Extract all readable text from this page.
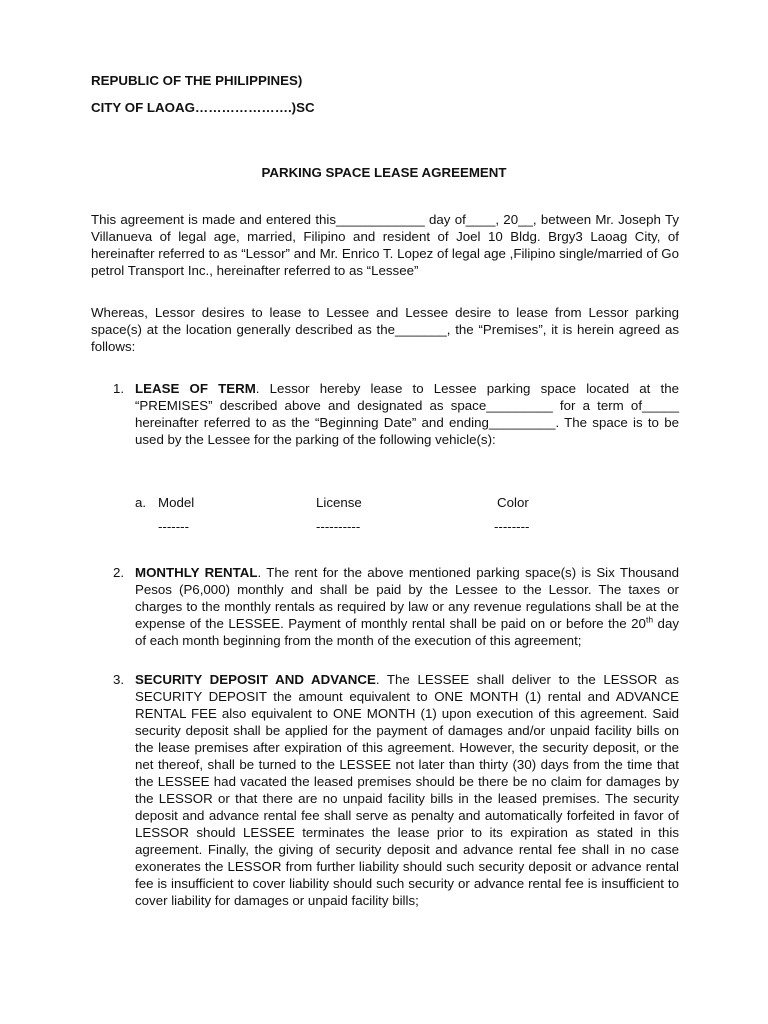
REPUBLIC OF THE PHILIPPINES)
CITY OF LAOAG………………….)SC
PARKING SPACE LEASE AGREEMENT
This agreement is made and entered this____________ day of____, 20__, between Mr. Joseph Ty Villanueva of legal age, married, Filipino and resident of Joel 10 Bldg. Brgy3 Laoag City, of hereinafter referred to as “Lessor” and Mr. Enrico T. Lopez of legal age ,Filipino single/married of Go petrol Transport Inc., hereinafter referred to as “Lessee”
Whereas, Lessor desires to lease to Lessee and Lessee desire to lease from Lessor parking space(s) at the location generally described as the_______, the “Premises”, it is herein agreed as follows:
1. LEASE OF TERM. Lessor hereby lease to Lessee parking space located at the “PREMISES” described above and designated as space_________ for a term of_____ hereinafter referred to as the “Beginning Date” and ending_________. The space is to be used by the Lessee for the parking of the following vehicle(s):
a. Model	License	Color
-------	----------	--------
2. MONTHLY RENTAL. The rent for the above mentioned parking space(s) is Six Thousand Pesos (P6,000) monthly and shall be paid by the Lessee to the Lessor. The taxes or charges to the monthly rentals as required by law or any revenue regulations shall be at the expense of the LESSEE. Payment of monthly rental shall be paid on or before the 20th day of each month beginning from the month of the execution of this agreement;
3. SECURITY DEPOSIT AND ADVANCE. The LESSEE shall deliver to the LESSOR as SECURITY DEPOSIT the amount equivalent to ONE MONTH (1) rental and ADVANCE RENTAL FEE also equivalent to ONE MONTH (1) upon execution of this agreement. Said security deposit shall be applied for the payment of damages and/or unpaid facility bills on the lease premises after expiration of this agreement. However, the security deposit, or the net thereof, shall be turned to the LESSEE not later than thirty (30) days from the time that the LESSEE had vacated the leased premises should be there be no claim for damages by the LESSOR or that there are no unpaid facility bills in the leased premises. The security deposit and advance rental fee shall serve as penalty and automatically forfeited in favor of LESSOR should LESSEE terminates the lease prior to its expiration as stated in this agreement. Finally, the giving of security deposit and advance rental fee shall in no case exonerates the LESSOR from further liability should such security deposit or advance rental fee is insufficient to cover liability should such security or advance rental fee is insufficient to cover liability for damages or unpaid facility bills;
